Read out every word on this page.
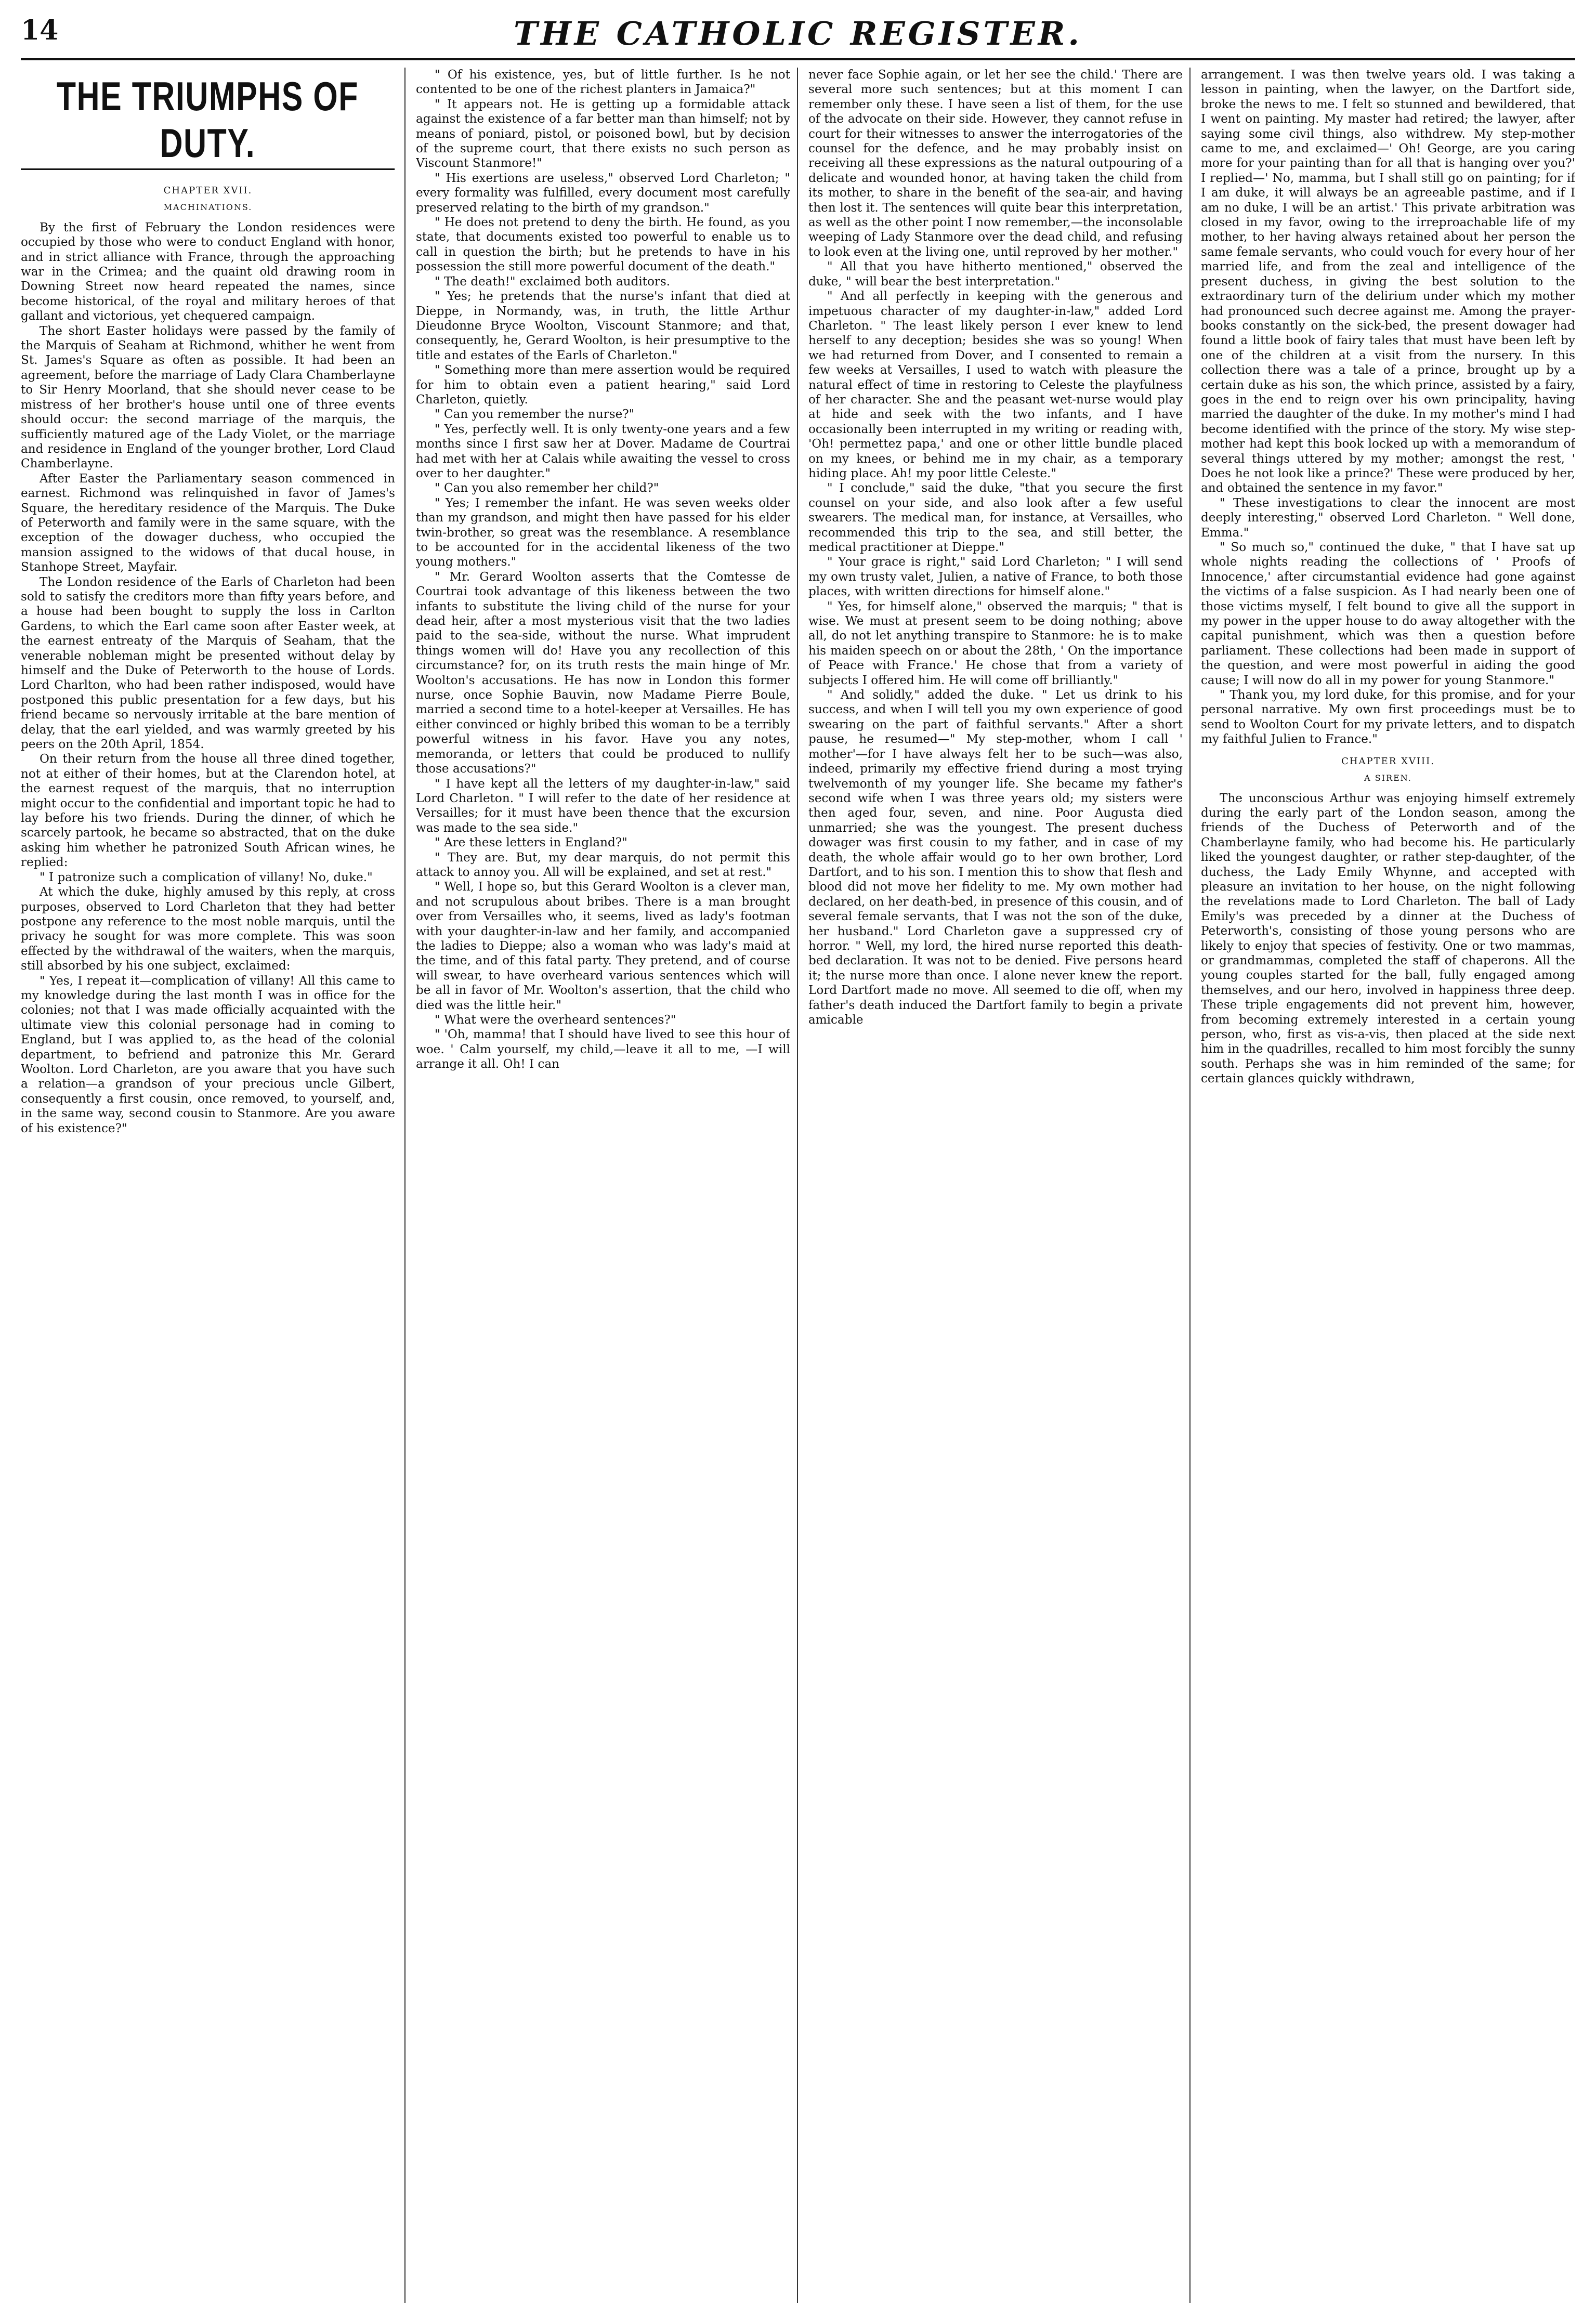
14	THE CATHOLIC REGISTER.
THE TRIUMPHS OF DUTY.

CHAPTER XVII.

MACHINATIONS.

By the first of February the London residences were occupied by those who were to conduct England with honor, and in strict alliance with France, through the approaching war in the Crimea; and the quaint old drawing room in Downing Street now heard repeated the names, since become historical, of the royal and military heroes of that gallant and victorious, yet chequered campaign.

The short Easter holidays were passed by the family of the Marquis of Seaham at Richmond, whither he went from St. James's Square as often as possible. It had been an agreement, before the marriage of Lady Clara Chamberlayne to Sir Henry Moorland, that she should never cease to be mistress of her brother's house until one of three events should occur: the second marriage of the marquis, the sufficiently matured age of the Lady Violet, or the marriage and residence in England of the younger brother, Lord Claud Chamberlayne.

After Easter the Parliamentary season commenced in earnest. Richmond was relinquished in favor of James's Square, the hereditary residence of the Marquis. The Duke of Peterworth and family were in the same square, with the exception of the dowager duchess, who occupied the mansion assigned to the widows of that ducal house, in Stanhope Street, Mayfair.

The London residence of the Earls of Charleton had been sold to satisfy the creditors more than fifty years before, and a house had been bought to supply the loss in Carlton Gardens, to which the Earl came soon after Easter week, at the earnest entreaty of the Marquis of Seaham, that the venerable nobleman might be presented without delay by himself and the Duke of Peterworth to the house of Lords. Lord Charlton, who had been rather indisposed, would have postponed this public presentation for a few days, but his friend became so nervously irritable at the bare mention of delay, that the earl yielded, and was warmly greeted by his peers on the 20th April, 1854.

On their return from the house all three dined together, not at either of their homes, but at the Clarendon hotel, at the earnest request of the marquis, that no interruption might occur to the confidential and important topic he had to lay before his two friends. During the dinner, of which he scarcely partook, he became so abstracted, that on the duke asking him whether he patronized South African wines, he replied:

" I patronize such a complication of villany! No, duke."

At which the duke, highly amused by this reply, at cross purposes, observed to Lord Charleton that they had better postpone any reference to the most noble marquis, until the privacy he sought for was more complete. This was soon effected by the withdrawal of the waiters, when the marquis, still absorbed by his one subject, exclaimed:

" Yes, I repeat it—complication of villany! All this came to my knowledge during the last month I was in office for the colonies; not that I was made officially acquainted with the ultimate view this colonial personage had in coming to England, but I was applied to, as the head of the colonial department, to befriend and patronize this Mr. Gerard Woolton. Lord Charleton, are you aware that you have such a relation—a grandson of your precious uncle Gilbert, consequently a first cousin, once removed, to yourself, and, in the same way, second cousin to Stanmore. Are you aware of his existence?"

" Of his existence, yes, but of little further. Is he not contented to be one of the richest planters in Jamaica?"

" It appears not. He is getting up a formidable attack against the existence of a far better man than himself; not by means of poniard, pistol, or poisoned bowl, but by decision of the supreme court, that there exists no such person as Viscount Stanmore!"

" His exertions are useless," observed Lord Charleton; " every formality was fulfilled, every document most carefully preserved relating to the birth of my grandson."

" He does not pretend to deny the birth. He found, as you state, that documents existed too powerful to enable us to call in question the birth; but he pretends to have in his possession the still more powerful document of the death."

" The death!" exclaimed both auditors.

" Yes; he pretends that the nurse's infant that died at Dieppe, in Normandy, was, in truth, the little Arthur Dieudonne Bryce Woolton, Viscount Stanmore; and that, consequently, he, Gerard Woolton, is heir presumptive to the title and estates of the Earls of Charleton."

" Something more than mere assertion would be required for him to obtain even a patient hearing," said Lord Charleton, quietly.

" Can you remember the nurse?"

" Yes, perfectly well. It is only twenty-one years and a few months since I first saw her at Dover. Madame de Courtrai had met with her at Calais while awaiting the vessel to cross over to her daughter."

" Can you also remember her child?"

" Yes; I remember the infant. He was seven weeks older than my grandson, and might then have passed for his elder twin-brother, so great was the resemblance. A resemblance to be accounted for in the accidental likeness of the two young mothers."

" Mr. Gerard Woolton asserts that the Comtesse de Courtrai took advantage of this likeness between the two infants to substitute the living child of the nurse for your dead heir, after a most mysterious visit that the two ladies paid to the sea-side, without the nurse. What imprudent things women will do! Have you any recollection of this circumstance? for, on its truth rests the main hinge of Mr. Woolton's accusations. He has now in London this former nurse, once Sophie Bauvin, now Madame Pierre Boule, married a second time to a hotel-keeper at Versailles. He has either convinced or highly bribed this woman to be a terribly powerful witness in his favor. Have you any notes, memoranda, or letters that could be produced to nullify those accusations?"

" I have kept all the letters of my daughter-in-law," said Lord Charleton. " I will refer to the date of her residence at Versailles; for it must have been thence that the excursion was made to the sea side."

" Are these letters in England?"

" They are. But, my dear marquis, do not permit this attack to annoy you. All will be explained, and set at rest."

" Well, I hope so, but this Gerard Woolton is a clever man, and not scrupulous about bribes. There is a man brought over from Versailles who, it seems, lived as lady's footman with your daughter-in-law and her family, and accompanied the ladies to Dieppe; also a woman who was lady's maid at the time, and of this fatal party. They pretend, and of course will swear, to have overheard various sentences which will be all in favor of Mr. Woolton's assertion, that the child who died was the little heir."

" What were the overheard sentences?"

" 'Oh, mamma! that I should have lived to see this hour of woe. ' Calm yourself, my child,—leave it all to me, —I will arrange it all. Oh! I can

never face Sophie again, or let her see the child.' There are several more such sentences; but at this moment I can remember only these. I have seen a list of them, for the use of the advocate on their side. However, they cannot refuse in court for their witnesses to answer the interrogatories of the counsel for the defence, and he may probably insist on receiving all these expressions as the natural outpouring of a delicate and wounded honor, at having taken the child from its mother, to share in the benefit of the sea-air, and having then lost it. The sentences will quite bear this interpretation, as well as the other point I now remember,—the inconsolable weeping of Lady Stanmore over the dead child, and refusing to look even at the living one, until reproved by her mother."

" All that you have hitherto mentioned," observed the duke, " will bear the best interpretation."

" And all perfectly in keeping with the generous and impetuous character of my daughter-in-law," added Lord Charleton. " The least likely person I ever knew to lend herself to any deception; besides she was so young! When we had returned from Dover, and I consented to remain a few weeks at Versailles, I used to watch with pleasure the natural effect of time in restoring to Celeste the playfulness of her character. She and the peasant wet-nurse would play at hide and seek with the two infants, and I have occasionally been interrupted in my writing or reading with, 'Oh! permettez papa,' and one or other little bundle placed on my knees, or behind me in my chair, as a temporary hiding place. Ah! my poor little Celeste."

" I conclude," said the duke, "that you secure the first counsel on your side, and also look after a few useful swearers. The medical man, for instance, at Versailles, who recommended this trip to the sea, and still better, the medical practitioner at Dieppe."

" Your grace is right," said Lord Charleton; " I will send my own trusty valet, Julien, a native of France, to both those places, with written directions for himself alone."

" Yes, for himself alone," observed the marquis; " that is wise. We must at present seem to be doing nothing; above all, do not let anything transpire to Stanmore: he is to make his maiden speech on or about the 28th, ' On the importance of Peace with France.' He chose that from a variety of subjects I offered him. He will come off brilliantly."

" And solidly," added the duke. " Let us drink to his success, and when I will tell you my own experience of good swearing on the part of faithful servants." After a short pause, he resumed—" My step-mother, whom I call ' mother'—for I have always felt her to be such—was also, indeed, primarily my effective friend during a most trying twelvemonth of my younger life. She became my father's second wife when I was three years old; my sisters were then aged four, seven, and nine. Poor Augusta died unmarried; she was the youngest. The present duchess dowager was first cousin to my father, and in case of my death, the whole affair would go to her own brother, Lord Dartfort, and to his son. I mention this to show that flesh and blood did not move her fidelity to me. My own mother had declared, on her death-bed, in presence of this cousin, and of several female servants, that I was not the son of the duke, her husband." Lord Charleton gave a suppressed cry of horror. " Well, my lord, the hired nurse reported this death-bed declaration. It was not to be denied. Five persons heard it; the nurse more than once. I alone never knew the report. Lord Dartfort made no move. All seemed to die off, when my father's death induced the Dartfort family to begin a private amicable

arrangement. I was then twelve years old. I was taking a lesson in painting, when the lawyer, on the Dartfort side, broke the news to me. I felt so stunned and bewildered, that I went on painting. My master had retired; the lawyer, after saying some civil things, also withdrew. My step-mother came to me, and exclaimed—' Oh! George, are you caring more for your painting than for all that is hanging over you?' I replied—' No, mamma, but I shall still go on painting; for if I am duke, it will always be an agreeable pastime, and if I am no duke, I will be an artist.' This private arbitration was closed in my favor, owing to the irreproachable life of my mother, to her having always retained about her person the same female servants, who could vouch for every hour of her married life, and from the zeal and intelligence of the present duchess, in giving the best solution to the extraordinary turn of the delirium under which my mother had pronounced such decree against me. Among the prayer-books constantly on the sick-bed, the present dowager had found a little book of fairy tales that must have been left by one of the children at a visit from the nursery. In this collection there was a tale of a prince, brought up by a certain duke as his son, the which prince, assisted by a fairy, goes in the end to reign over his own principality, having married the daughter of the duke. In my mother's mind I had become identified with the prince of the story. My wise step-mother had kept this book locked up with a memorandum of several things uttered by my mother; amongst the rest, ' Does he not look like a prince?' These were produced by her, and obtained the sentence in my favor."

" These investigations to clear the innocent are most deeply interesting," observed Lord Charleton. " Well done, Emma."

" So much so," continued the duke, " that I have sat up whole nights reading the collections of ' Proofs of Innocence,' after circumstantial evidence had gone against the victims of a false suspicion. As I had nearly been one of those victims myself, I felt bound to give all the support in my power in the upper house to do away altogether with the capital punishment, which was then a question before parliament. These collections had been made in support of the question, and were most powerful in aiding the good cause; I will now do all in my power for young Stanmore."

" Thank you, my lord duke, for this promise, and for your personal narrative. My own first proceedings must be to send to Woolton Court for my private letters, and to dispatch my faithful Julien to France."

CHAPTER XVIII.

A SIREN.

The unconscious Arthur was enjoying himself extremely during the early part of the London season, among the friends of the Duchess of Peterworth and of the Chamberlayne family, who had become his. He particularly liked the youngest daughter, or rather step-daughter, of the duchess, the Lady Emily Whynne, and accepted with pleasure an invitation to her house, on the night following the revelations made to Lord Charleton. The ball of Lady Emily's was preceded by a dinner at the Duchess of Peterworth's, consisting of those young persons who are likely to enjoy that species of festivity. One or two mammas, or grandmammas, completed the staff of chaperons. All the young couples started for the ball, fully engaged among themselves, and our hero, involved in happiness three deep. These triple engagements did not prevent him, however, from becoming extremely interested in a certain young person, who, first as vis-a-vis, then placed at the side next him in the quadrilles, recalled to him most forcibly the sunny south. Perhaps she was in him reminded of the same; for certain glances quickly withdrawn,
